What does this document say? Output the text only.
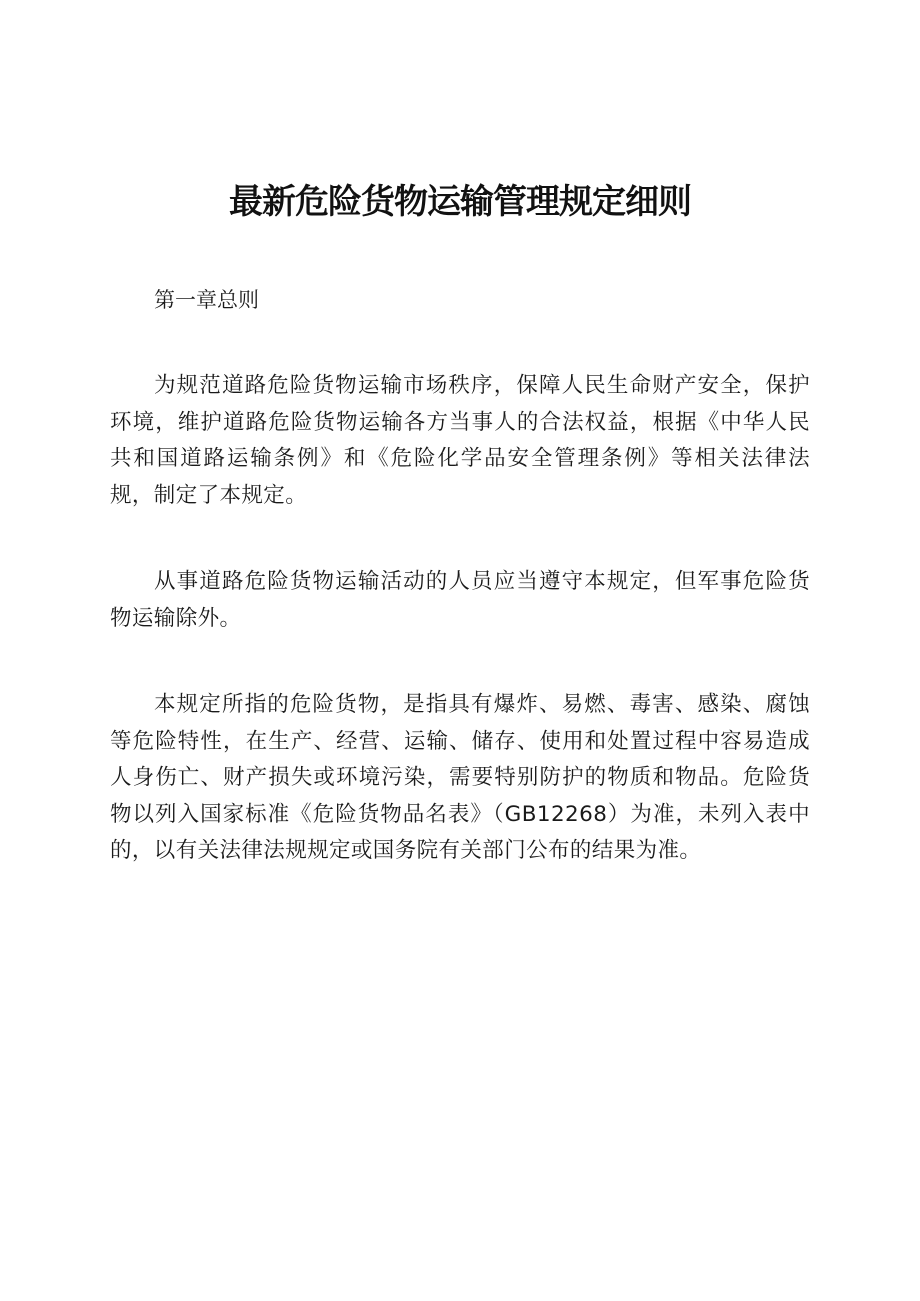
最新危险货物运输管理规定细则
第一章总则

为规范道路危险货物运输市场秩序，保障人民生命财产安全，保护环境，维护道路危险货物运输各方当事人的合法权益，根据《中华人民共和国道路运输条例》和《危险化学品安全管理条例》等相关法律法规，制定了本规定。

从事道路危险货物运输活动的人员应当遵守本规定，但军事危险货物运输除外。

本规定所指的危险货物，是指具有爆炸、易燃、毒害、感染、腐蚀等危险特性，在生产、经营、运输、储存、使用和处置过程中容易造成人身伤亡、财产损失或环境污染，需要特别防护的物质和物品。危险货物以列入国家标准《危险货物品名表》（GB12268）为准，未列入表中的，以有关法律法规规定或国务院有关部门公布的结果为准。
